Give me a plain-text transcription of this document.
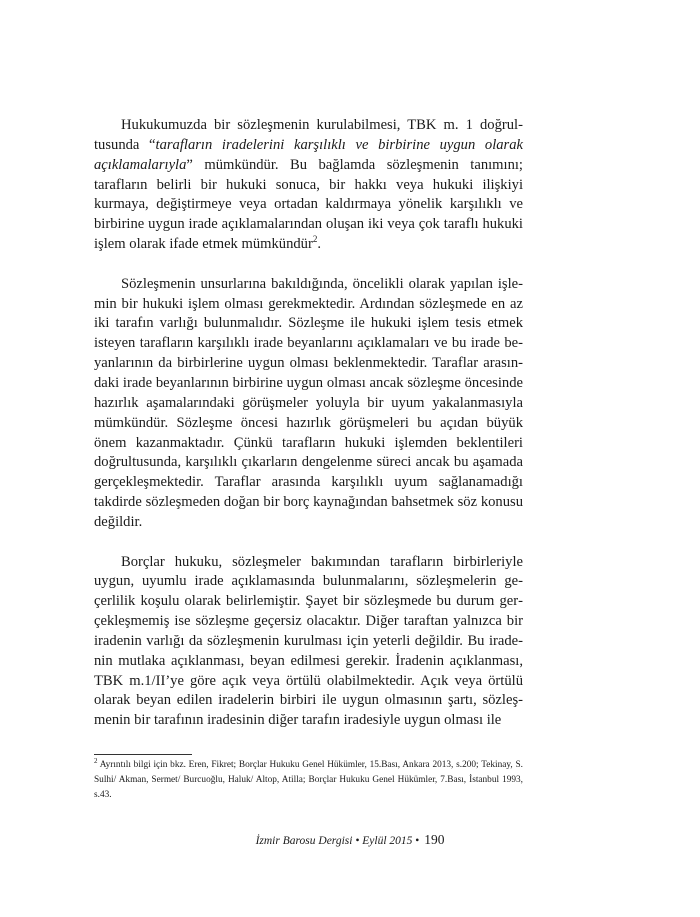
Hukukumuzda bir sözleşmenin kurulabilmesi, TBK m. 1 doğrultusunda “tarafların iradelerini karşılıklı ve birbirine uygun olarak açıklamalarıyla” mümkündür. Bu bağlamda sözleşmenin tanımını; tarafların belirli bir hukuki sonuca, bir hakkı veya hukuki ilişkiyi kurmaya, değiştirmeye veya ortadan kaldırmaya yönelik karşılıklı ve birbirine uygun irade açıklamalarından oluşan iki veya çok taraflı hukuki işlem olarak ifade etmek mümkündür$^2$.

Sözleşmenin unsurlarına bakıldığında, öncelikli olarak yapılan işlemin bir hukuki işlem olması gerekmektedir. Ardından sözleşmede en az iki tarafın varlığı bulunmalıdır. Sözleşme ile hukuki işlem tesis etmek isteyen tarafların karşılıklı irade beyanlarını açıklamaları ve bu irade beyanlarının da birbirlerine uygun olması beklenmektedir. Taraflar arasındaki irade beyanlarının birbirine uygun olması ancak sözleşme öncesinde hazırlık aşamalarındaki görüşmeler yoluyla bir uyum yakalanmasıyla mümkündür. Sözleşme öncesi hazırlık görüşmeleri bu açıdan büyük önem kazanmaktadır. Çünkü tarafların hukuki işlemden beklentileri doğrultusunda, karşılıklı çıkarların dengelenme süreci ancak bu aşamada gerçekleşmektedir. Taraflar arasında karşılıklı uyum sağlanamadığı takdirde sözleşmeden doğan bir borç kaynağından bahsetmek söz konusu değildir.

Borçlar hukuku, sözleşmeler bakımından tarafların birbirleriyle uygun, uyumlu irade açıklamasında bulunmalarını, sözleşmelerin geçerlilik koşulu olarak belirlemiştir. Şayet bir sözleşmede bu durum gerçekleşmemiş ise sözleşme geçersiz olacaktır. Diğer taraftan yalnızca bir iradenin varlığı da sözleşmenin kurulması için yeterli değildir. Bu iradenin mutlaka açıklanması, beyan edilmesi gerekir. İradenin açıklanması, TBK m.1/II’ye göre açık veya örtülü olabilmektedir. Açık veya örtülü olarak beyan edilen iradelerin birbiri ile uygun olmasının şartı, sözleşmenin bir tarafının iradesinin diğer tarafın iradesiyle uygun olması ile

$^2$ Ayrıntılı bilgi için bkz. Eren, Fikret; Borçlar Hukuku Genel Hükümler, 15.Bası, Ankara 2013, s.200; Tekinay, S. Sulhi/ Akman, Sermet/ Burcuoğlu, Haluk/ Altop, Atilla; Borçlar Hukuku Genel Hükümler, 7.Bası, İstanbul 1993, s.43.
İzmir Barosu Dergisi • Eylül 2015 • 190
